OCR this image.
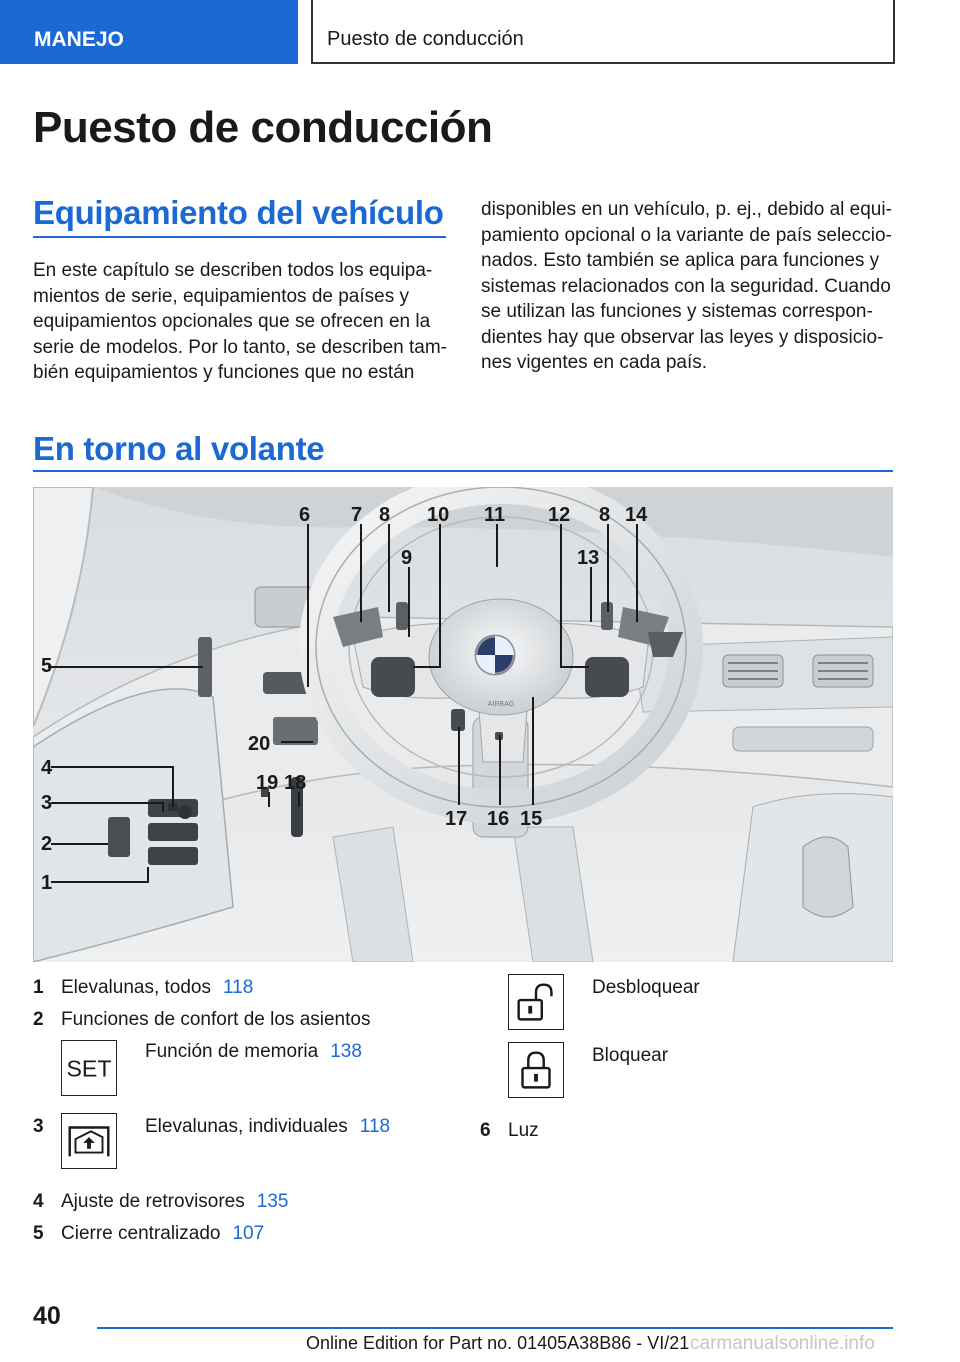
MANEJO	Puesto de conducción
Puesto de conducción
Equipamiento del vehículo
En este capítulo se describen todos los equipa-
mientos de serie, equipamientos de países y
equipamientos opcionales que se ofrecen en la
serie de modelos. Por lo tanto, se describen tam-
bién equipamientos y funciones que no están
disponibles en un vehículo, p. ej., debido al equi-
pamiento opcional o la variante de país seleccio-
nados. Esto también se aplica para funciones y
sistemas relacionados con la seguridad. Cuando
se utilizan las funciones y sistemas correspon-
dientes hay que observar las leyes y disposicio-
nes vigentes en cada país.
En torno al volante
AIRBAG
5
4
3
2
1
6 7 8
9
10 11 12 8 14
13
15
16
17
18
19
20
1 Elevalunas, todos 118
2 Funciones de confort de los asientos
SET
Función de memoria 138
3	Elevalunas, individuales 118
4 Ajuste de retrovisores 135
5 Cierre centralizado 107
Desbloquear
Bloquear
6 Luz
40
Online Edition for Part no. 01405A38B86 - VI/21 carmanualsonline.info
